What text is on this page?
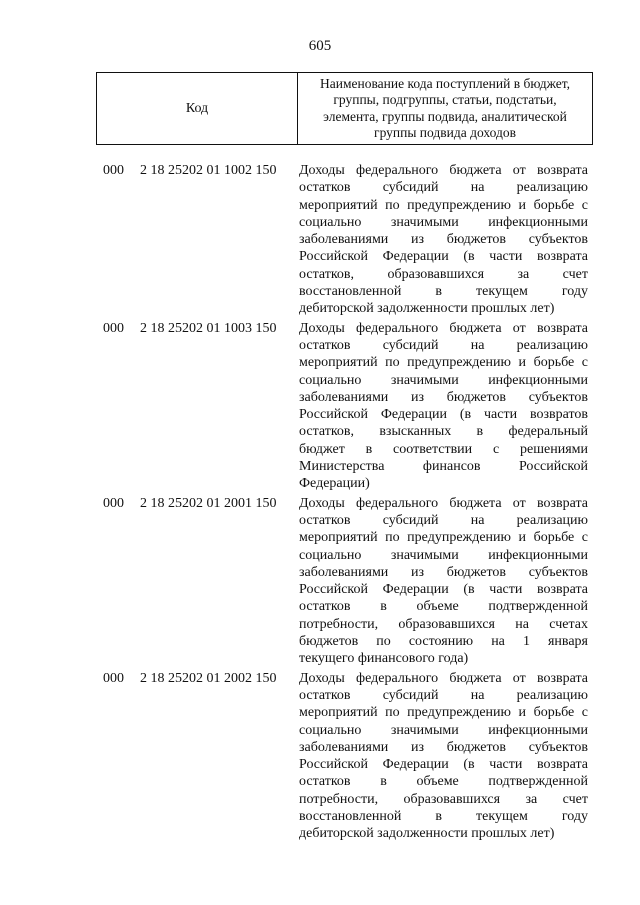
605
Код
Наименование кода поступлений в бюджет,
группы, подгруппы, статьи, подстатьи,
элемента, группы подвида, аналитической
группы подвида доходов
000 2 18 25202 01 1002 150 Доходы федерального бюджета от возврата
остатков субсидий на реализацию
мероприятий по предупреждению и борьбе с
социально значимыми инфекционными
заболеваниями из бюджетов субъектов
Российской Федерации (в части возврата
остатков, образовавшихся за счет
восстановленной в текущем году
дебиторской задолженности прошлых лет)
000 2 18 25202 01 1003 150 Доходы федерального бюджета от возврата
остатков субсидий на реализацию
мероприятий по предупреждению и борьбе с
социально значимыми инфекционными
заболеваниями из бюджетов субъектов
Российской Федерации (в части возвратов
остатков, взысканных в федеральный
бюджет в соответствии с решениями
Министерства финансов Российской
Федерации)
000 2 18 25202 01 2001 150 Доходы федерального бюджета от возврата
остатков субсидий на реализацию
мероприятий по предупреждению и борьбе с
социально значимыми инфекционными
заболеваниями из бюджетов субъектов
Российской Федерации (в части возврата
остатков в объеме подтвержденной
потребности, образовавшихся на счетах
бюджетов по состоянию на 1 января
текущего финансового года)
000 2 18 25202 01 2002 150 Доходы федерального бюджета от возврата
остатков субсидий на реализацию
мероприятий по предупреждению и борьбе с
социально значимыми инфекционными
заболеваниями из бюджетов субъектов
Российской Федерации (в части возврата
остатков в объеме подтвержденной
потребности, образовавшихся за счет
восстановленной в текущем году
дебиторской задолженности прошлых лет)
